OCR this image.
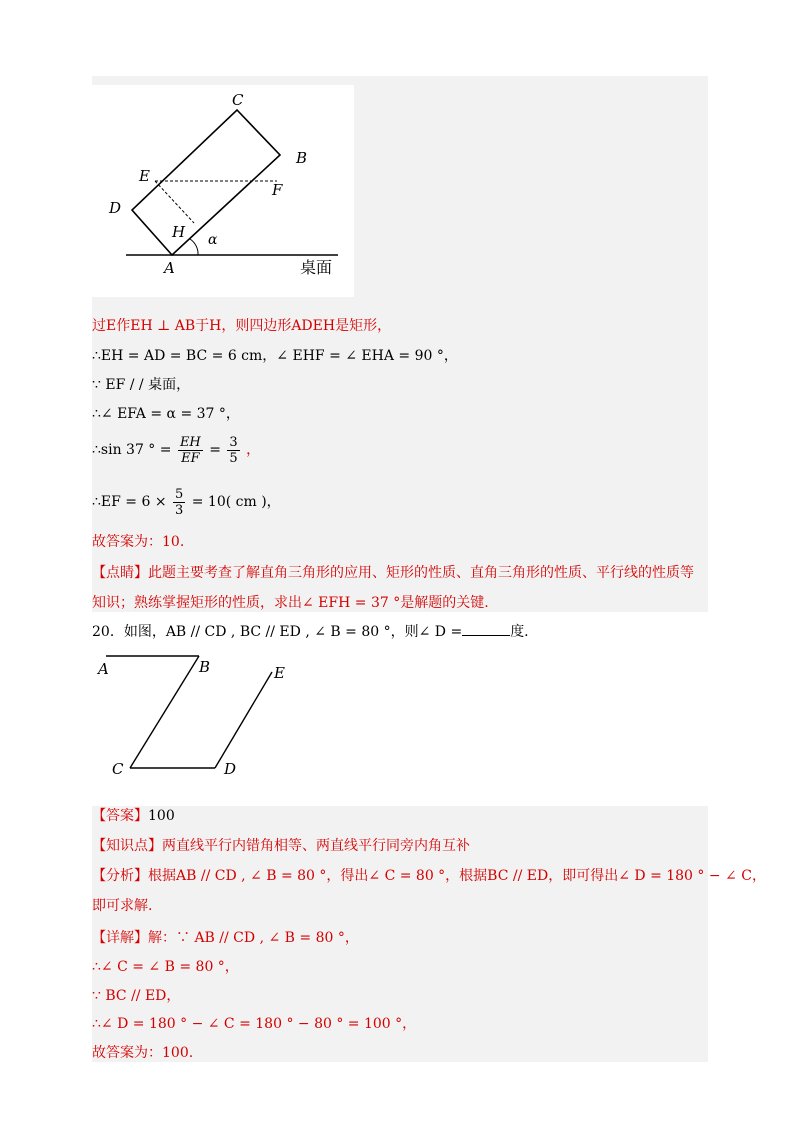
C
B
E
F
D
H α
A	桌面
过E作EH ⊥ AB于H，则四边形ADEH是矩形，
∴EH = AD = BC = 6 cm，∠ EHF = ∠ EHA = 90 °，
∵ EF / / 桌面，
∴∠ EFA = α = 37 °，
∴sin 37 ° = $\frac{EH}{EF} = \frac{3}{5}$ ，
∴EF = $6 \times \frac{5}{3} = 10$( cm )，
故答案为：10.
【点睛】此题主要考查了解直角三角形的应用、矩形的性质、直角三角形的性质、平行线的性质等
知识；熟练掌握矩形的性质，求出∠ EFH = 37 °是解题的关键.
20．如图，AB // CD , BC // ED , ∠ B = 80 °，则∠ D =	度.
A	B	E
C	D
【答案】100
【知识点】两直线平行内错角相等、两直线平行同旁内角互补
【分析】根据AB // CD , ∠ B = 80 °，得出∠ C = 80 °，根据BC // ED，即可得出∠ D = 180 ° − ∠ C，
即可求解.
【详解】解：∵ AB // CD , ∠ B = 80 °，
∴∠ C = ∠ B = 80 °，
∵ BC // ED，
∴∠ D = 180 ° − ∠ C = 180 ° − 80 ° = 100 °，
故答案为：100.
